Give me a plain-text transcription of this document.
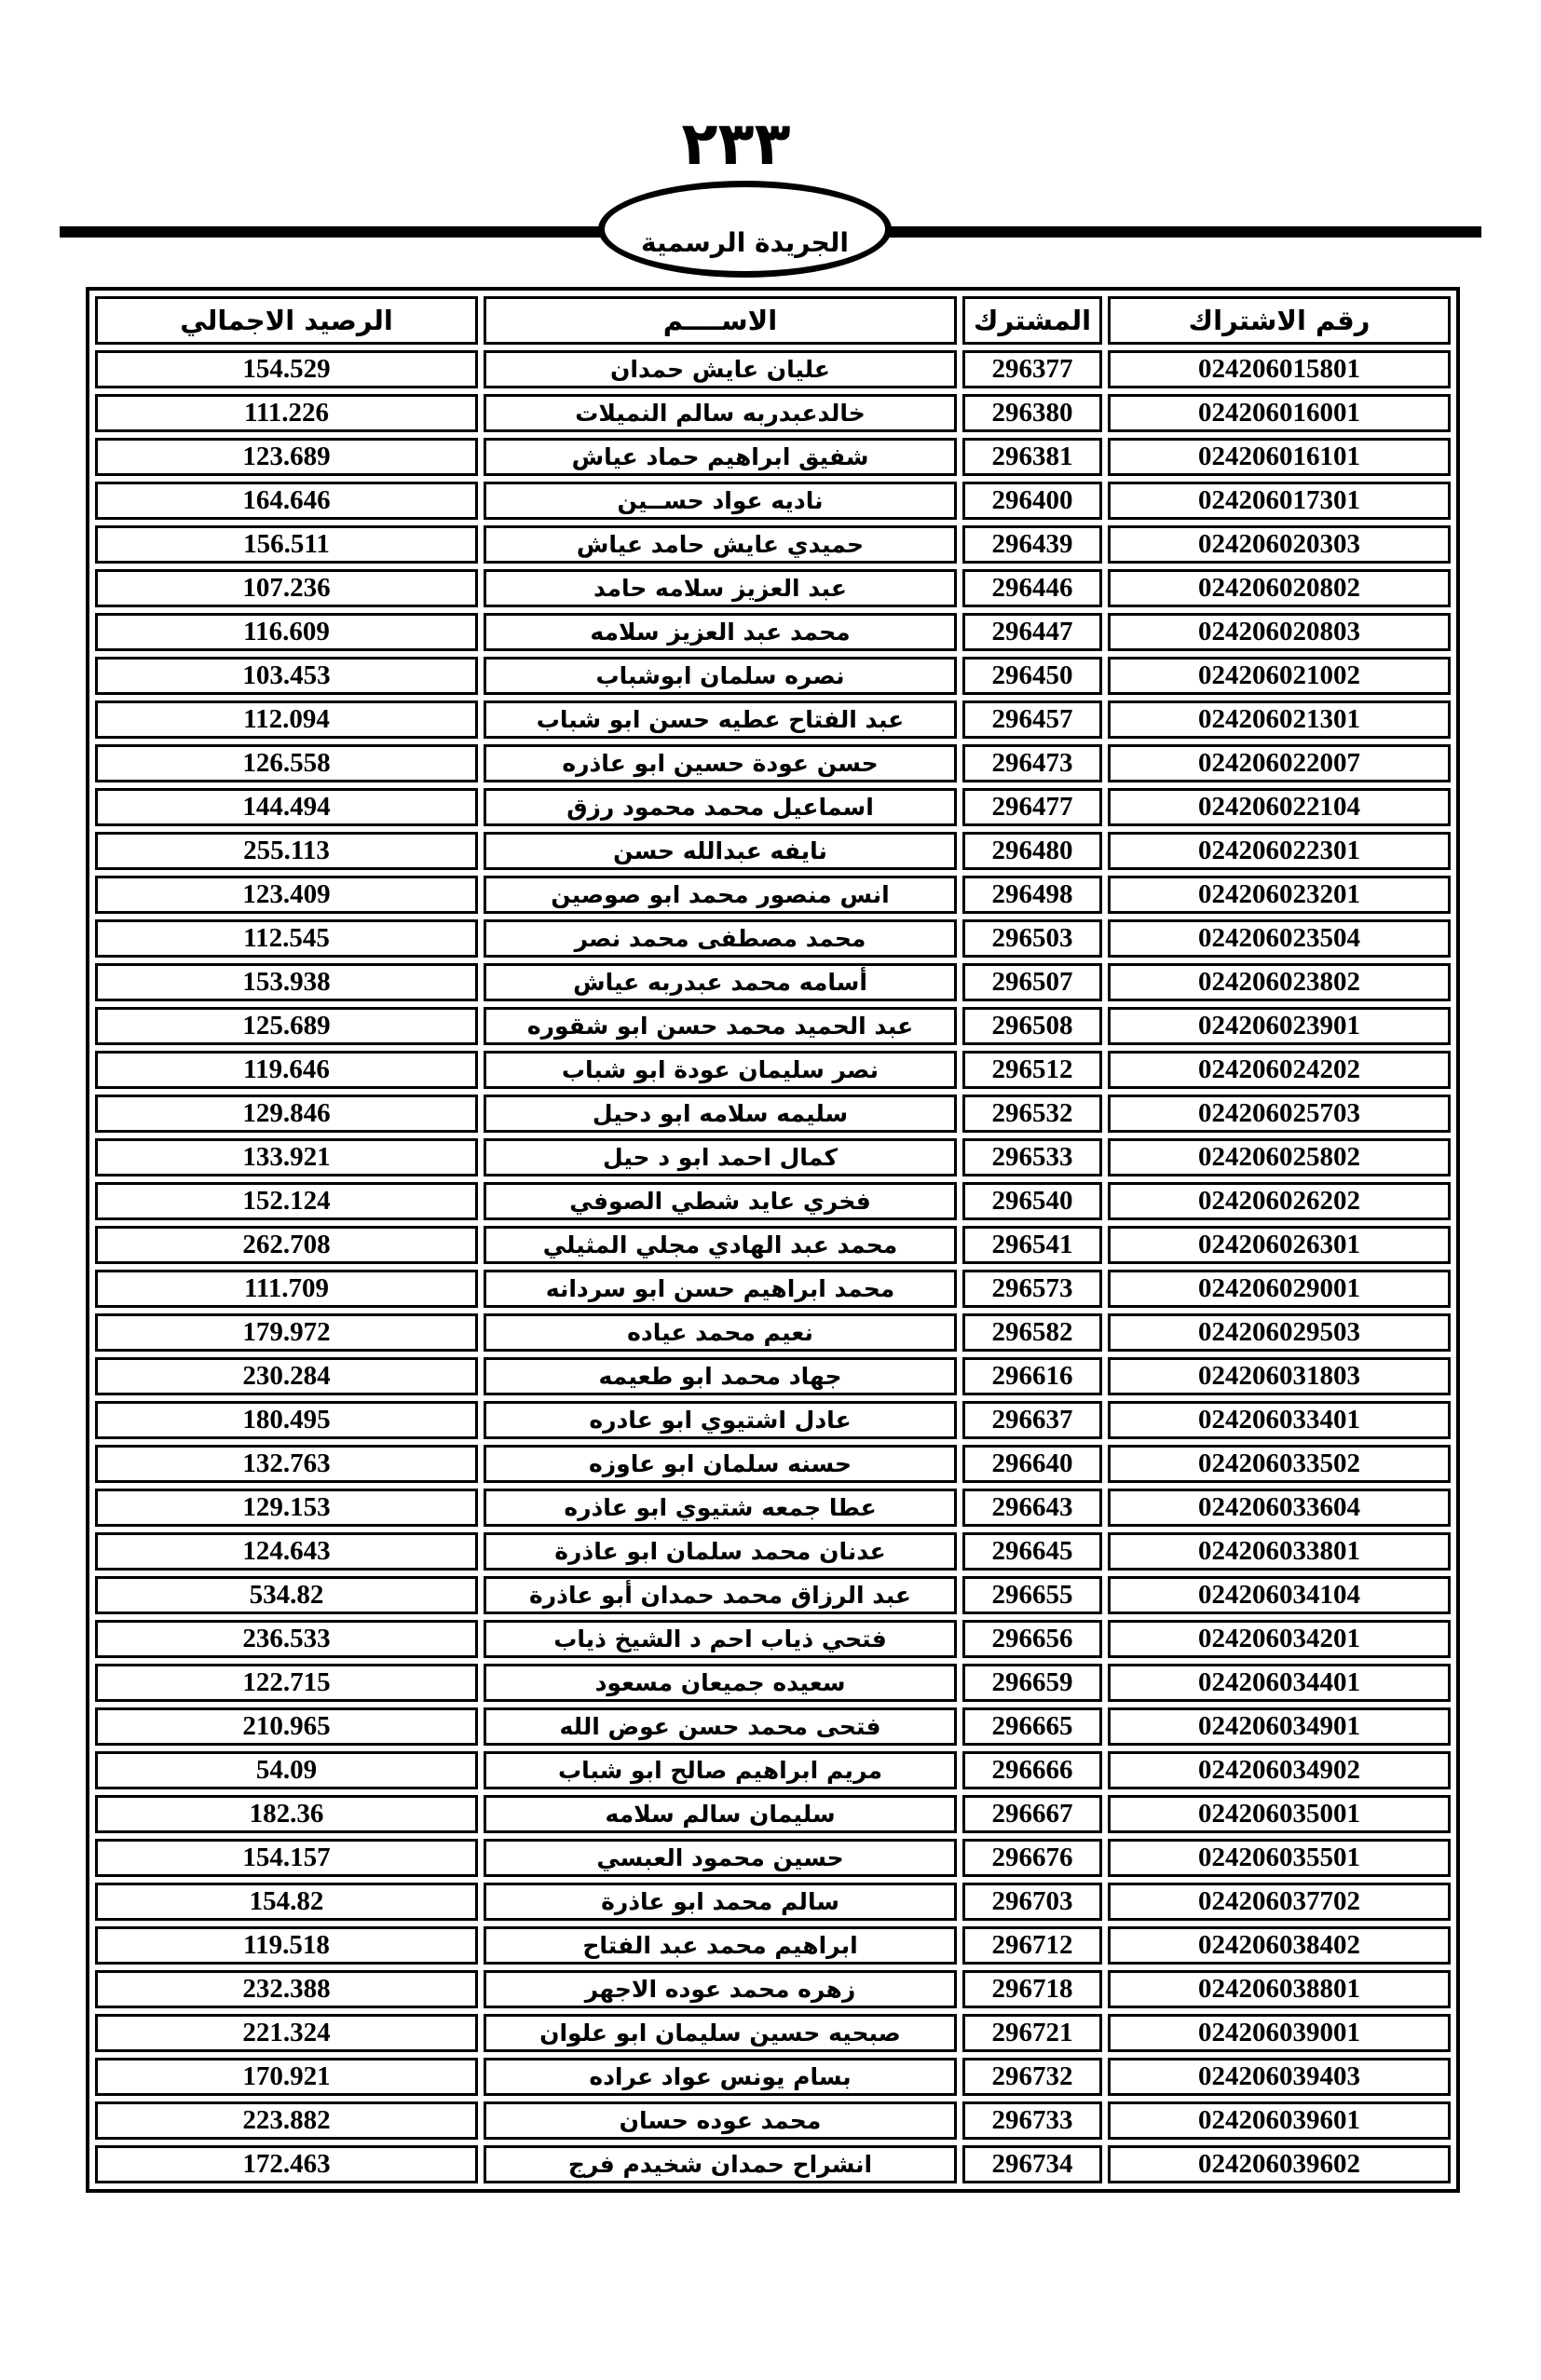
٢٣٣
الجريدة الرسمية
رقم الاشتراك	المشترك	الاســــم	الرصيد الاجمالي
024206015801	296377	عليان عايش حمدان	154.529
024206016001	296380	خالدعبدربه سالم النميلات	111.226
024206016101	296381	شفيق ابراهيم حماد عياش	123.689
024206017301	296400	ناديه عواد حســين	164.646
024206020303	296439	حميدي عايش حامد عياش	156.511
024206020802	296446	عبد العزيز سلامه حامد	107.236
024206020803	296447	محمد عبد العزيز سلامه	116.609
024206021002	296450	نصره سلمان ابوشباب	103.453
024206021301	296457	عبد الفتاح عطيه حسن ابو شباب	112.094
024206022007	296473	حسن عودة حسين ابو عاذره	126.558
024206022104	296477	اسماعيل محمد محمود رزق	144.494
024206022301	296480	نايفه عبدالله حسن	255.113
024206023201	296498	انس منصور محمد ابو صوصين	123.409
024206023504	296503	محمد مصطفى محمد نصر	112.545
024206023802	296507	أسامه محمد عبدربه عياش	153.938
024206023901	296508	عبد الحميد محمد حسن ابو شقوره	125.689
024206024202	296512	نصر سليمان عودة ابو شباب	119.646
024206025703	296532	سليمه سلامه ابو دحيل	129.846
024206025802	296533	كمال احمد ابو د حيل	133.921
024206026202	296540	فخري عايد شطي الصوفي	152.124
024206026301	296541	محمد عبد الهادي مجلي المثيلي	262.708
024206029001	296573	محمد ابراهيم حسن ابو سردانه	111.709
024206029503	296582	نعيم محمد عياده	179.972
024206031803	296616	جهاد محمد ابو طعيمه	230.284
024206033401	296637	عادل اشتيوي ابو عادره	180.495
024206033502	296640	حسنه سلمان ابو عاوزه	132.763
024206033604	296643	عطا جمعه شتيوي ابو عاذره	129.153
024206033801	296645	عدنان محمد سلمان ابو عاذرة	124.643
024206034104	296655	عبد الرزاق محمد حمدان أبو عاذرة	534.82
024206034201	296656	فتحي ذياب احم د الشيخ ذياب	236.533
024206034401	296659	سعيده جميعان مسعود	122.715
024206034901	296665	فتحى محمد حسن عوض الله	210.965
024206034902	296666	مريم ابراهيم صالح ابو شباب	54.09
024206035001	296667	سليمان سالم سلامه	182.36
024206035501	296676	حسين محمود العبسي	154.157
024206037702	296703	سالم محمد ابو عاذرة	154.82
024206038402	296712	ابراهيم محمد عبد الفتاح	119.518
024206038801	296718	زهره محمد عوده الاجهر	232.388
024206039001	296721	صبحيه حسين سليمان ابو علوان	221.324
024206039403	296732	بسام يونس عواد عراده	170.921
024206039601	296733	محمد عوده حسان	223.882
024206039602	296734	انشراح حمدان شخيدم فرج	172.463
